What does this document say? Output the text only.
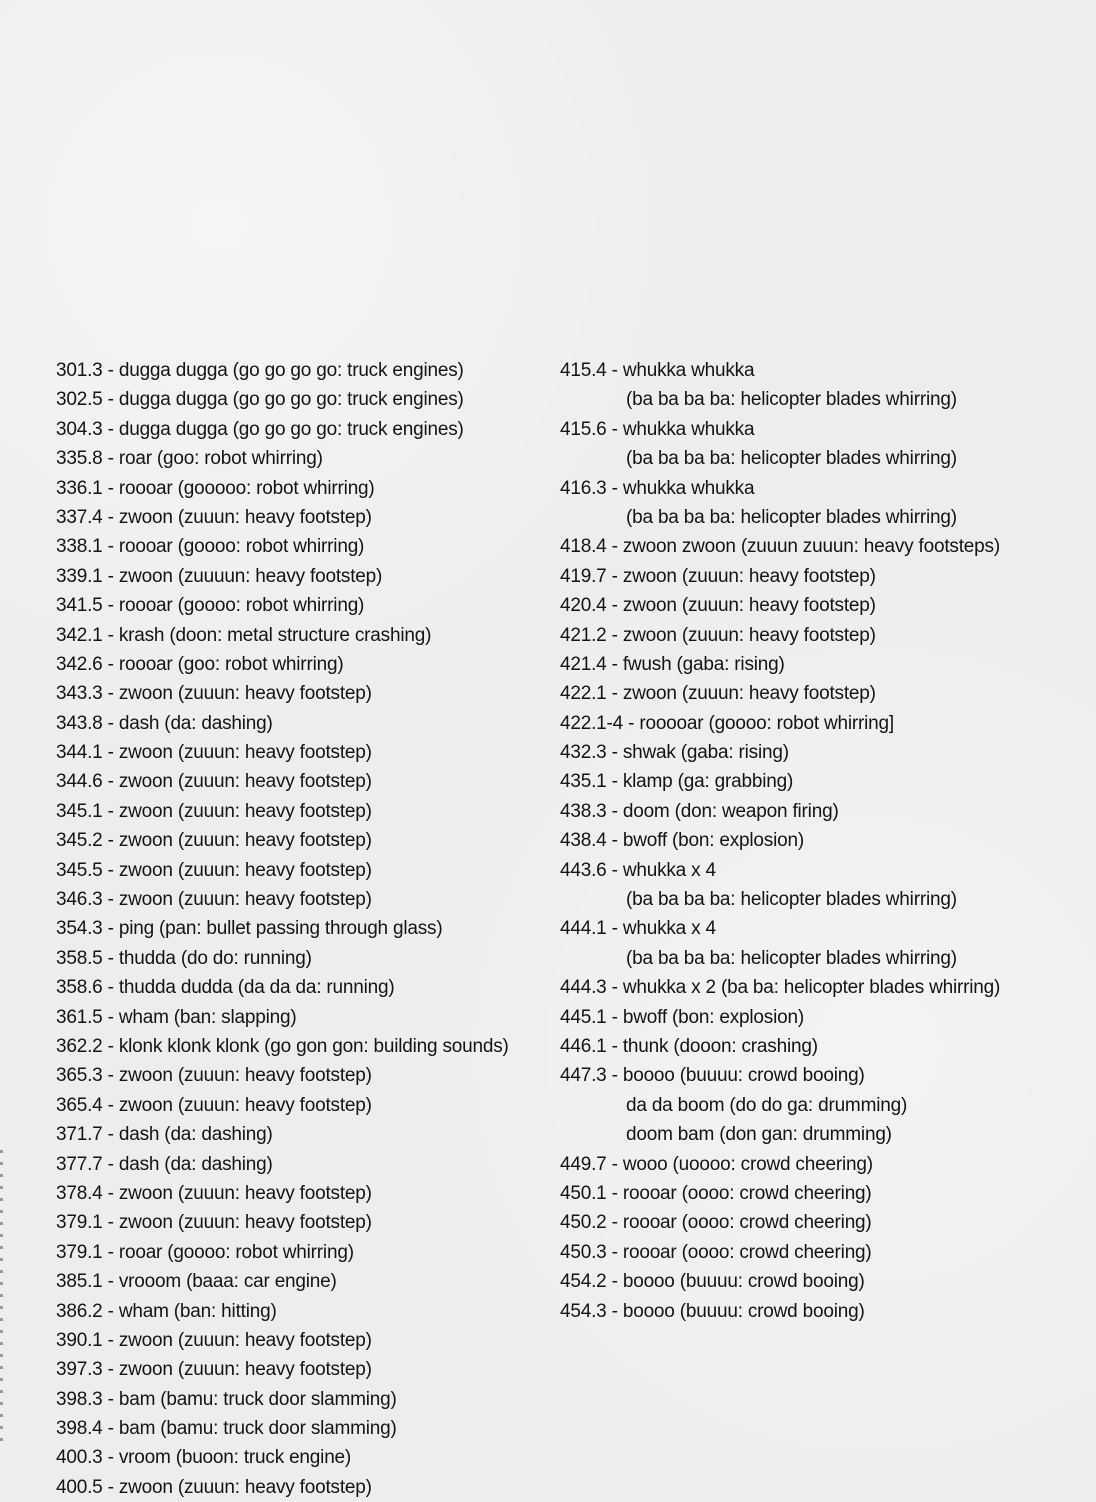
301.3 - dugga dugga (go go go go: truck engines)
302.5 - dugga dugga (go go go go: truck engines)
304.3 - dugga dugga (go go go go: truck engines)
335.8 - roar (goo: robot whirring)
336.1 - roooar (gooooo: robot whirring)
337.4 - zwoon (zuuun: heavy footstep)
338.1 - roooar (goooo: robot whirring)
339.1 - zwoon (zuuuun: heavy footstep)
341.5 - roooar (goooo: robot whirring)
342.1 - krash (doon: metal structure crashing)
342.6 - roooar (goo: robot whirring)
343.3 - zwoon (zuuun: heavy footstep)
343.8 - dash (da: dashing)
344.1 - zwoon (zuuun: heavy footstep)
344.6 - zwoon (zuuun: heavy footstep)
345.1 - zwoon (zuuun: heavy footstep)
345.2 - zwoon (zuuun: heavy footstep)
345.5 - zwoon (zuuun: heavy footstep)
346.3 - zwoon (zuuun: heavy footstep)
354.3 - ping (pan: bullet passing through glass)
358.5 - thudda (do do: running)
358.6 - thudda dudda (da da da: running)
361.5 - wham (ban: slapping)
362.2 - klonk klonk klonk (go gon gon: building sounds)
365.3 - zwoon (zuuun: heavy footstep)
365.4 - zwoon (zuuun: heavy footstep)
371.7 - dash (da: dashing)
377.7 - dash (da: dashing)
378.4 - zwoon (zuuun: heavy footstep)
379.1 - zwoon (zuuun: heavy footstep)
379.1 - rooar (goooo: robot whirring)
385.1 - vrooom (baaa: car engine)
386.2 - wham (ban: hitting)
390.1 - zwoon (zuuun: heavy footstep)
397.3 - zwoon (zuuun: heavy footstep)
398.3 - bam (bamu: truck door slamming)
398.4 - bam (bamu: truck door slamming)
400.3 - vroom (buoon: truck engine)
400.5 - zwoon (zuuun: heavy footstep)
415.4 - whukka whukka
(ba ba ba ba: helicopter blades whirring)
415.6 - whukka whukka
(ba ba ba ba: helicopter blades whirring)
416.3 - whukka whukka
(ba ba ba ba: helicopter blades whirring)
418.4 - zwoon zwoon (zuuun zuuun: heavy footsteps)
419.7 - zwoon (zuuun: heavy footstep)
420.4 - zwoon (zuuun: heavy footstep)
421.2 - zwoon (zuuun: heavy footstep)
421.4 - fwush (gaba: rising)
422.1 - zwoon (zuuun: heavy footstep)
422.1-4 - rooooar (goooo: robot whirring]
432.3 - shwak (gaba: rising)
435.1 - klamp (ga: grabbing)
438.3 - doom (don: weapon firing)
438.4 - bwoff (bon: explosion)
443.6 - whukka x 4
(ba ba ba ba: helicopter blades whirring)
444.1 - whukka x 4
(ba ba ba ba: helicopter blades whirring)
444.3 - whukka x 2 (ba ba: helicopter blades whirring)
445.1 - bwoff (bon: explosion)
446.1 - thunk (dooon: crashing)
447.3 - boooo (buuuu: crowd booing)
da da boom (do do ga: drumming)
doom bam (don gan: drumming)
449.7 - wooo (uoooo: crowd cheering)
450.1 - roooar (oooo: crowd cheering)
450.2 - roooar (oooo: crowd cheering)
450.3 - roooar (oooo: crowd cheering)
454.2 - boooo (buuuu: crowd booing)
454.3 - boooo (buuuu: crowd booing)
